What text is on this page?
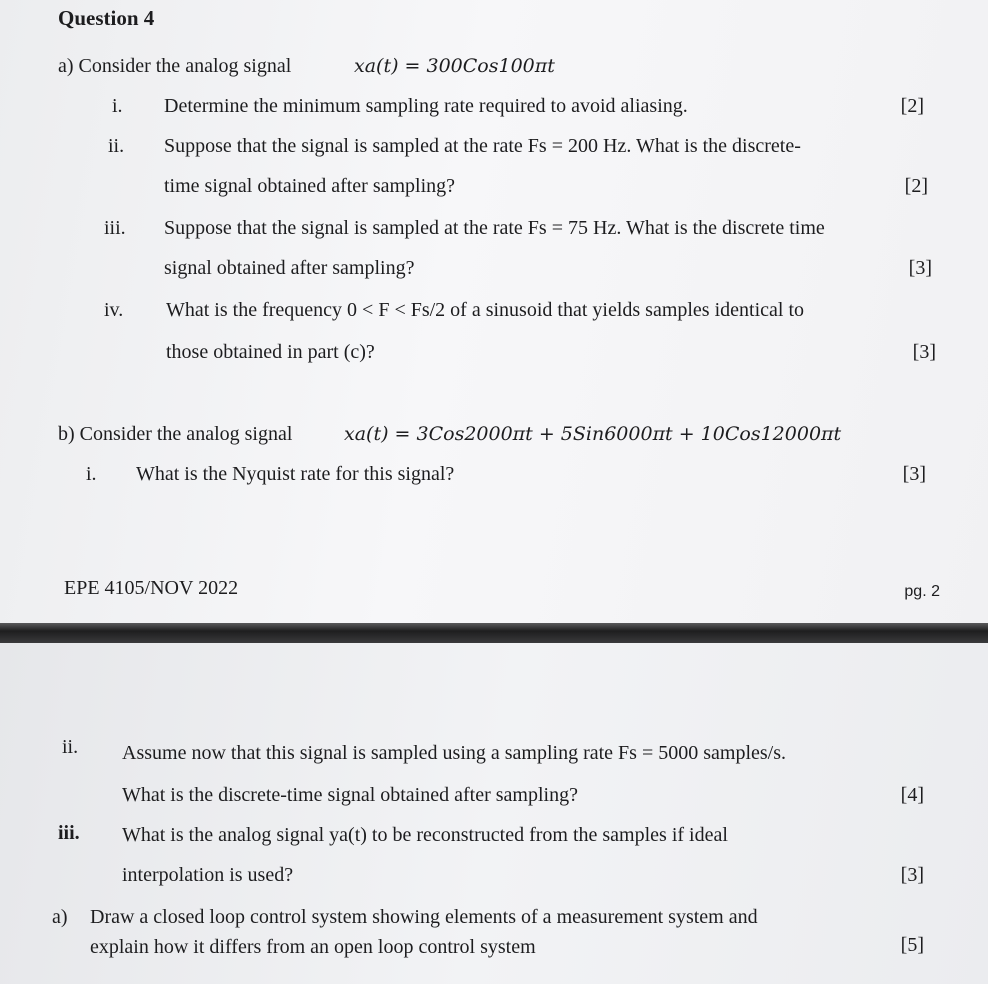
Question 4
a) Consider the analog signal	xa(t) = 300Cos100πt
i. Determine the minimum sampling rate required to avoid aliasing.	[2]
ii. Suppose that the signal is sampled at the rate Fs = 200 Hz. What is the discrete-
time signal obtained after sampling?	[2]
iii. Suppose that the signal is sampled at the rate Fs = 75 Hz. What is the discrete time
signal obtained after sampling?	[3]
iv. What is the frequency 0 < F < Fs/2 of a sinusoid that yields samples identical to
those obtained in part (c)?	[3]
b) Consider the analog signal	xa(t) = 3Cos2000πt + 5Sin6000πt + 10Cos12000πt
i. What is the Nyquist rate for this signal?	[3]
EPE 4105/NOV 2022	pg. 2
ii. Assume now that this signal is sampled using a sampling rate Fs = 5000 samples/s.
What is the discrete-time signal obtained after sampling?	[4]
iii. What is the analog signal ya(t) to be reconstructed from the samples if ideal
interpolation is used?	[3]
a) Draw a closed loop control system showing elements of a measurement system and
explain how it differs from an open loop control system	[5]
